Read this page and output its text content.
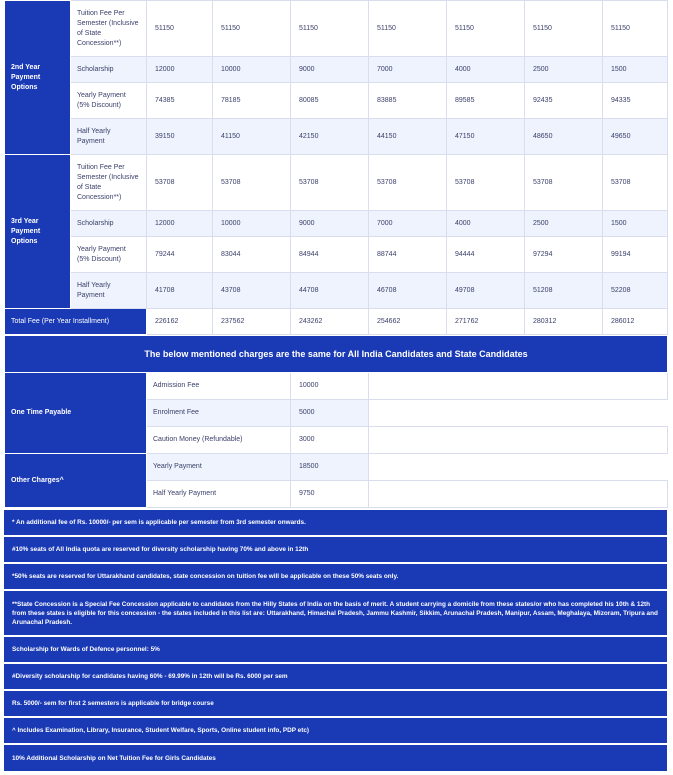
2nd Year Payment Options	Tuition Fee Per Semester (Inclusive of State Concession**)	51150	51150	51150	51150	51150	51150	51150
	Scholarship	12000	10000	9000	7000	4000	2500	1500
	Yearly Payment (5% Discount)	74385	78185	80085	83885	89585	92435	94335
	Half Yearly Payment	39150	41150	42150	44150	47150	48650	49650
3rd Year Payment Options	Tuition Fee Per Semester (Inclusive of State Concession**)	53708	53708	53708	53708	53708	53708	53708
	Scholarship	12000	10000	9000	7000	4000	2500	1500
	Yearly Payment (5% Discount)	79244	83044	84944	88744	94444	97294	99194
	Half Yearly Payment	41708	43708	44708	46708	49708	51208	52208
Total Fee (Per Year Installment)		226162	237562	243262	254662	271762	280312	286012
The below mentioned charges are the same for All India Candidates and State Candidates			
One Time Payable	Admission Fee	10000	
	Enrolment Fee	5000	
	Caution Money (Refundable)	3000	
Other Charges^	Yearly Payment	18500	
	Half Yearly Payment	9750	
* An additional fee of Rs. 10000/- per sem is applicable per semester from 3rd semester onwards.
#10% seats of All India quota are reserved for diversity scholarship having 70% and above in 12th
*50% seats are reserved for Uttarakhand candidates, state concession on tuition fee will be applicable on these 50% seats only.
**State Concession is a Special Fee Concession applicable to candidates from the Hilly States of India on the basis of merit. A student carrying a domicile from these states/or who has completed his 10th & 12th from these states is eligible for this concession - the states included in this list are: Uttarakhand, Himachal Pradesh, Jammu Kashmir, Sikkim, Arunachal Pradesh, Manipur, Assam, Meghalaya, Mizoram, Tripura and Arunachal Pradesh.
Scholarship for Wards of Defence personnel: 5%
#Diversity scholarship for candidates having 60% - 69.99% in 12th will be Rs. 6000 per sem
Rs. 5000/- sem for first 2 semesters is applicable for bridge course
^ Includes Examination, Library, Insurance, Student Welfare, Sports, Online student info, PDP etc)
10% Additional Scholarship on Net Tuition Fee for Girls Candidates
